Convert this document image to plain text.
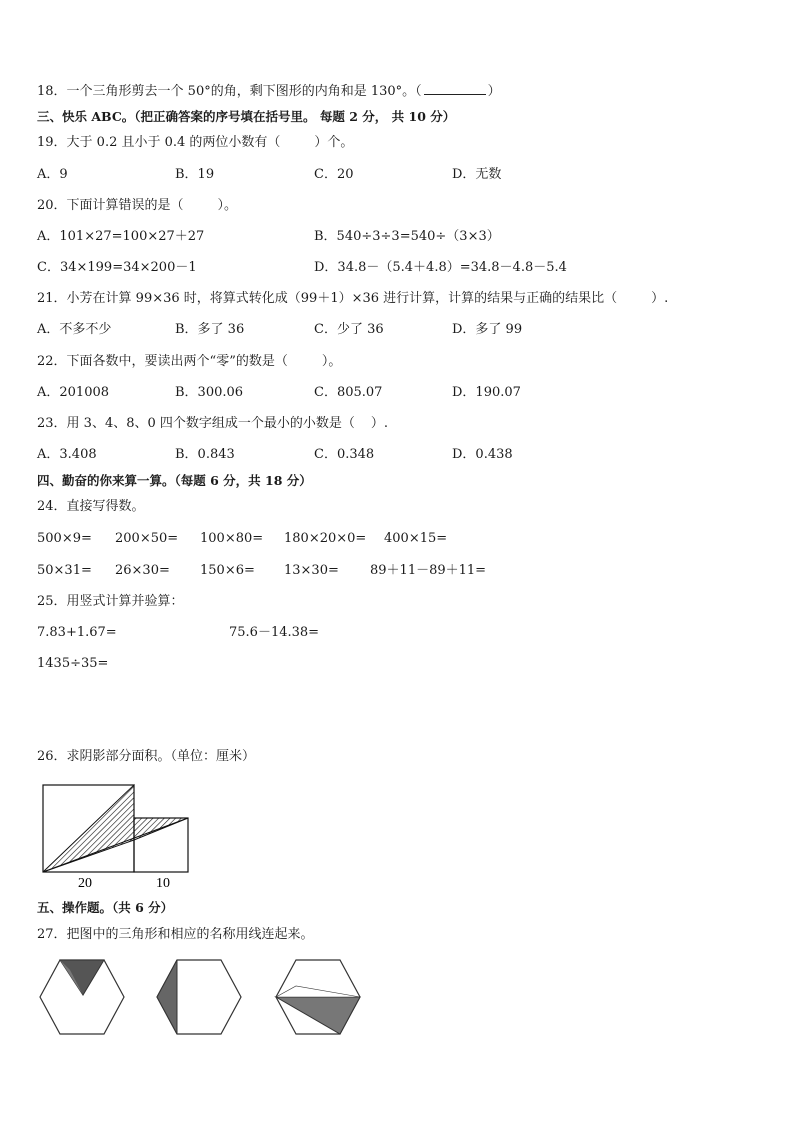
18．一个三角形剪去一个 50°的角，剩下图形的内角和是 130°。（	）
三、快乐 ABC。（把正确答案的序号填在括号里。 每题 2 分， 共 10 分）
19．大于 0.2 且小于 0.4 的两位小数有（	）个。
A．9	B．19	C．20	D．无数
20．下面计算错误的是（	）。
A．101×27=100×27＋27	B．540÷3÷3=540÷（3×3）
C．34×199=34×200－1	D．34.8－（5.4＋4.8）=34.8－4.8－5.4
21．小芳在计算 99×36 时，将算式转化成（99＋1）×36 进行计算，计算的结果与正确的结果比（	）.
A．不多不少	B．多了 36	C．少了 36	D．多了 99
22．下面各数中，要读出两个“零”的数是（	）。
A．201008	B．300.06	C．805.07	D．190.07
23．用 3、4、8、0 四个数字组成一个最小的小数是（ ）.
A．3.408	B．0.843	C．0.348	D．0.438
四、勤奋的你来算一算。（每题 6 分，共 18 分）
24．直接写得数。
500×9= 200×50= 100×80= 180×20×0= 400×15=
50×31= 26×30= 150×6= 13×30= 89＋11－89＋11=
25．用竖式计算并验算：
7.83+1.67=	75.6－14.38=
1435÷35=
26．求阴影部分面积。（单位：厘米）
20	10
五、操作题。（共 6 分）
27．把图中的三角形和相应的名称用线连起来。
